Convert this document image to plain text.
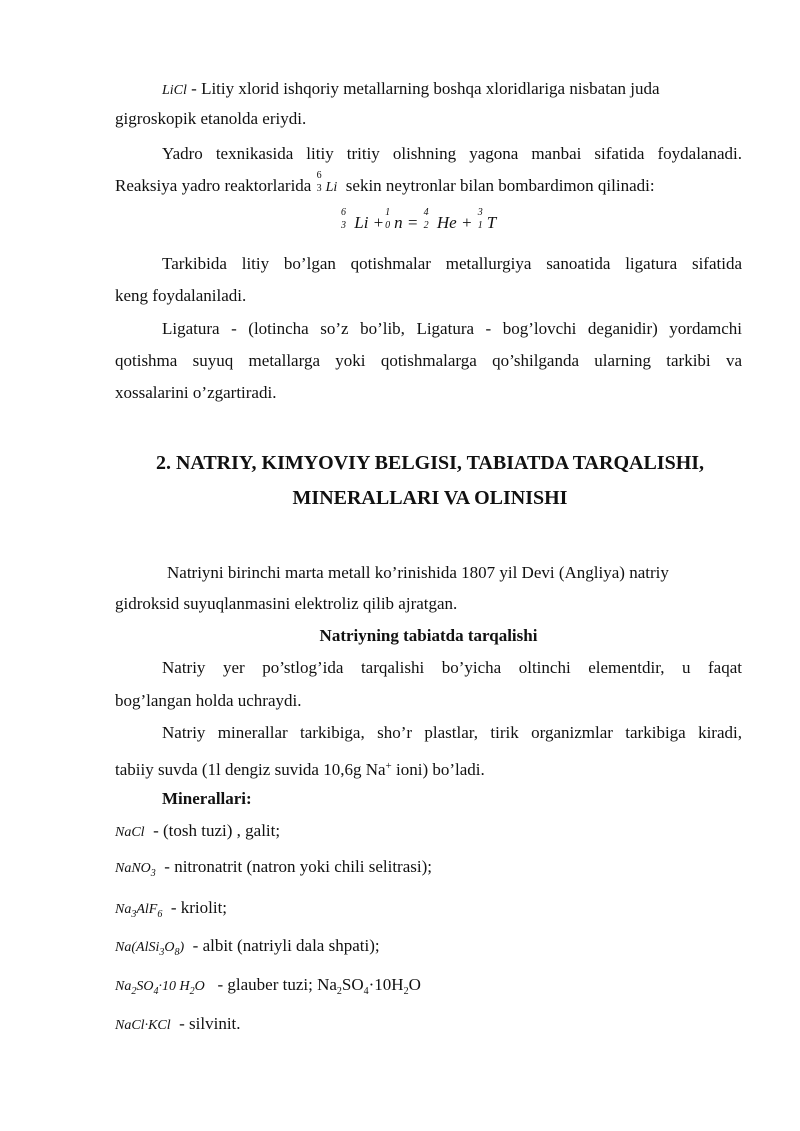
LiCl - Litiy xlorid ishqoriy metallarning boshqa xloridlariga nisbatan juda
gigroskopik etanolda eriydi.
Yadro texnikasida litiy tritiy olishning yagona manbai sifatida foydalanadi.
Reaksiya yadro reaktorlarida
6
3 Li sekin neytronlar bilan bombardimon qilinadi:
6
3 Li +
1
0 n =
4
2 He +
3
1 T
Tarkibida litiy bo’lgan qotishmalar metallurgiya sanoatida ligatura sifatida
keng foydalaniladi.
Ligatura - (lotincha so’z bo’lib, Ligatura - bog’lovchi deganidir) yordamchi
qotishma suyuq metallarga yoki qotishmalarga qo’shilganda ularning tarkibi va
xossalarini o’zgartiradi.
2. NATRIY, KIMYOVIY BELGISI, TABIATDA TARQALISHI,
MINERALLARI VA OLINISHI
Natriyni birinchi marta metall ko’rinishida 1807 yil Devi (Angliya) natriy
gidroksid suyuqlanmasini elektroliz qilib ajratgan.
Natriyning tabiatda tarqalishi
Natriy yer po’stlog’ida tarqalishi bo’yicha oltinchi elementdir, u faqat
bog’langan holda uchraydi.
Natriy minerallar tarkibiga, sho’r plastlar, tirik organizmlar tarkibiga kiradi,
tabiiy suvda (1l dengiz suvida 10,6g Na+ ioni) bo’ladi.
Minerallari:
NaCl - (tosh tuzi) , galit;
NaNO$_3$ - nitronatrit (natron yoki chili selitrasi);
$Na_3AlF_6$ - kriolit;
$Na(AlSi_3O_8)$ - albit (natriyli dala shpati);
$Na_2SO_4\cdot 10$ $H_2O$ - glauber tuzi; $Na_2SO_4\cdot 10H_2O$
NaCl·KCl - silvinit.
